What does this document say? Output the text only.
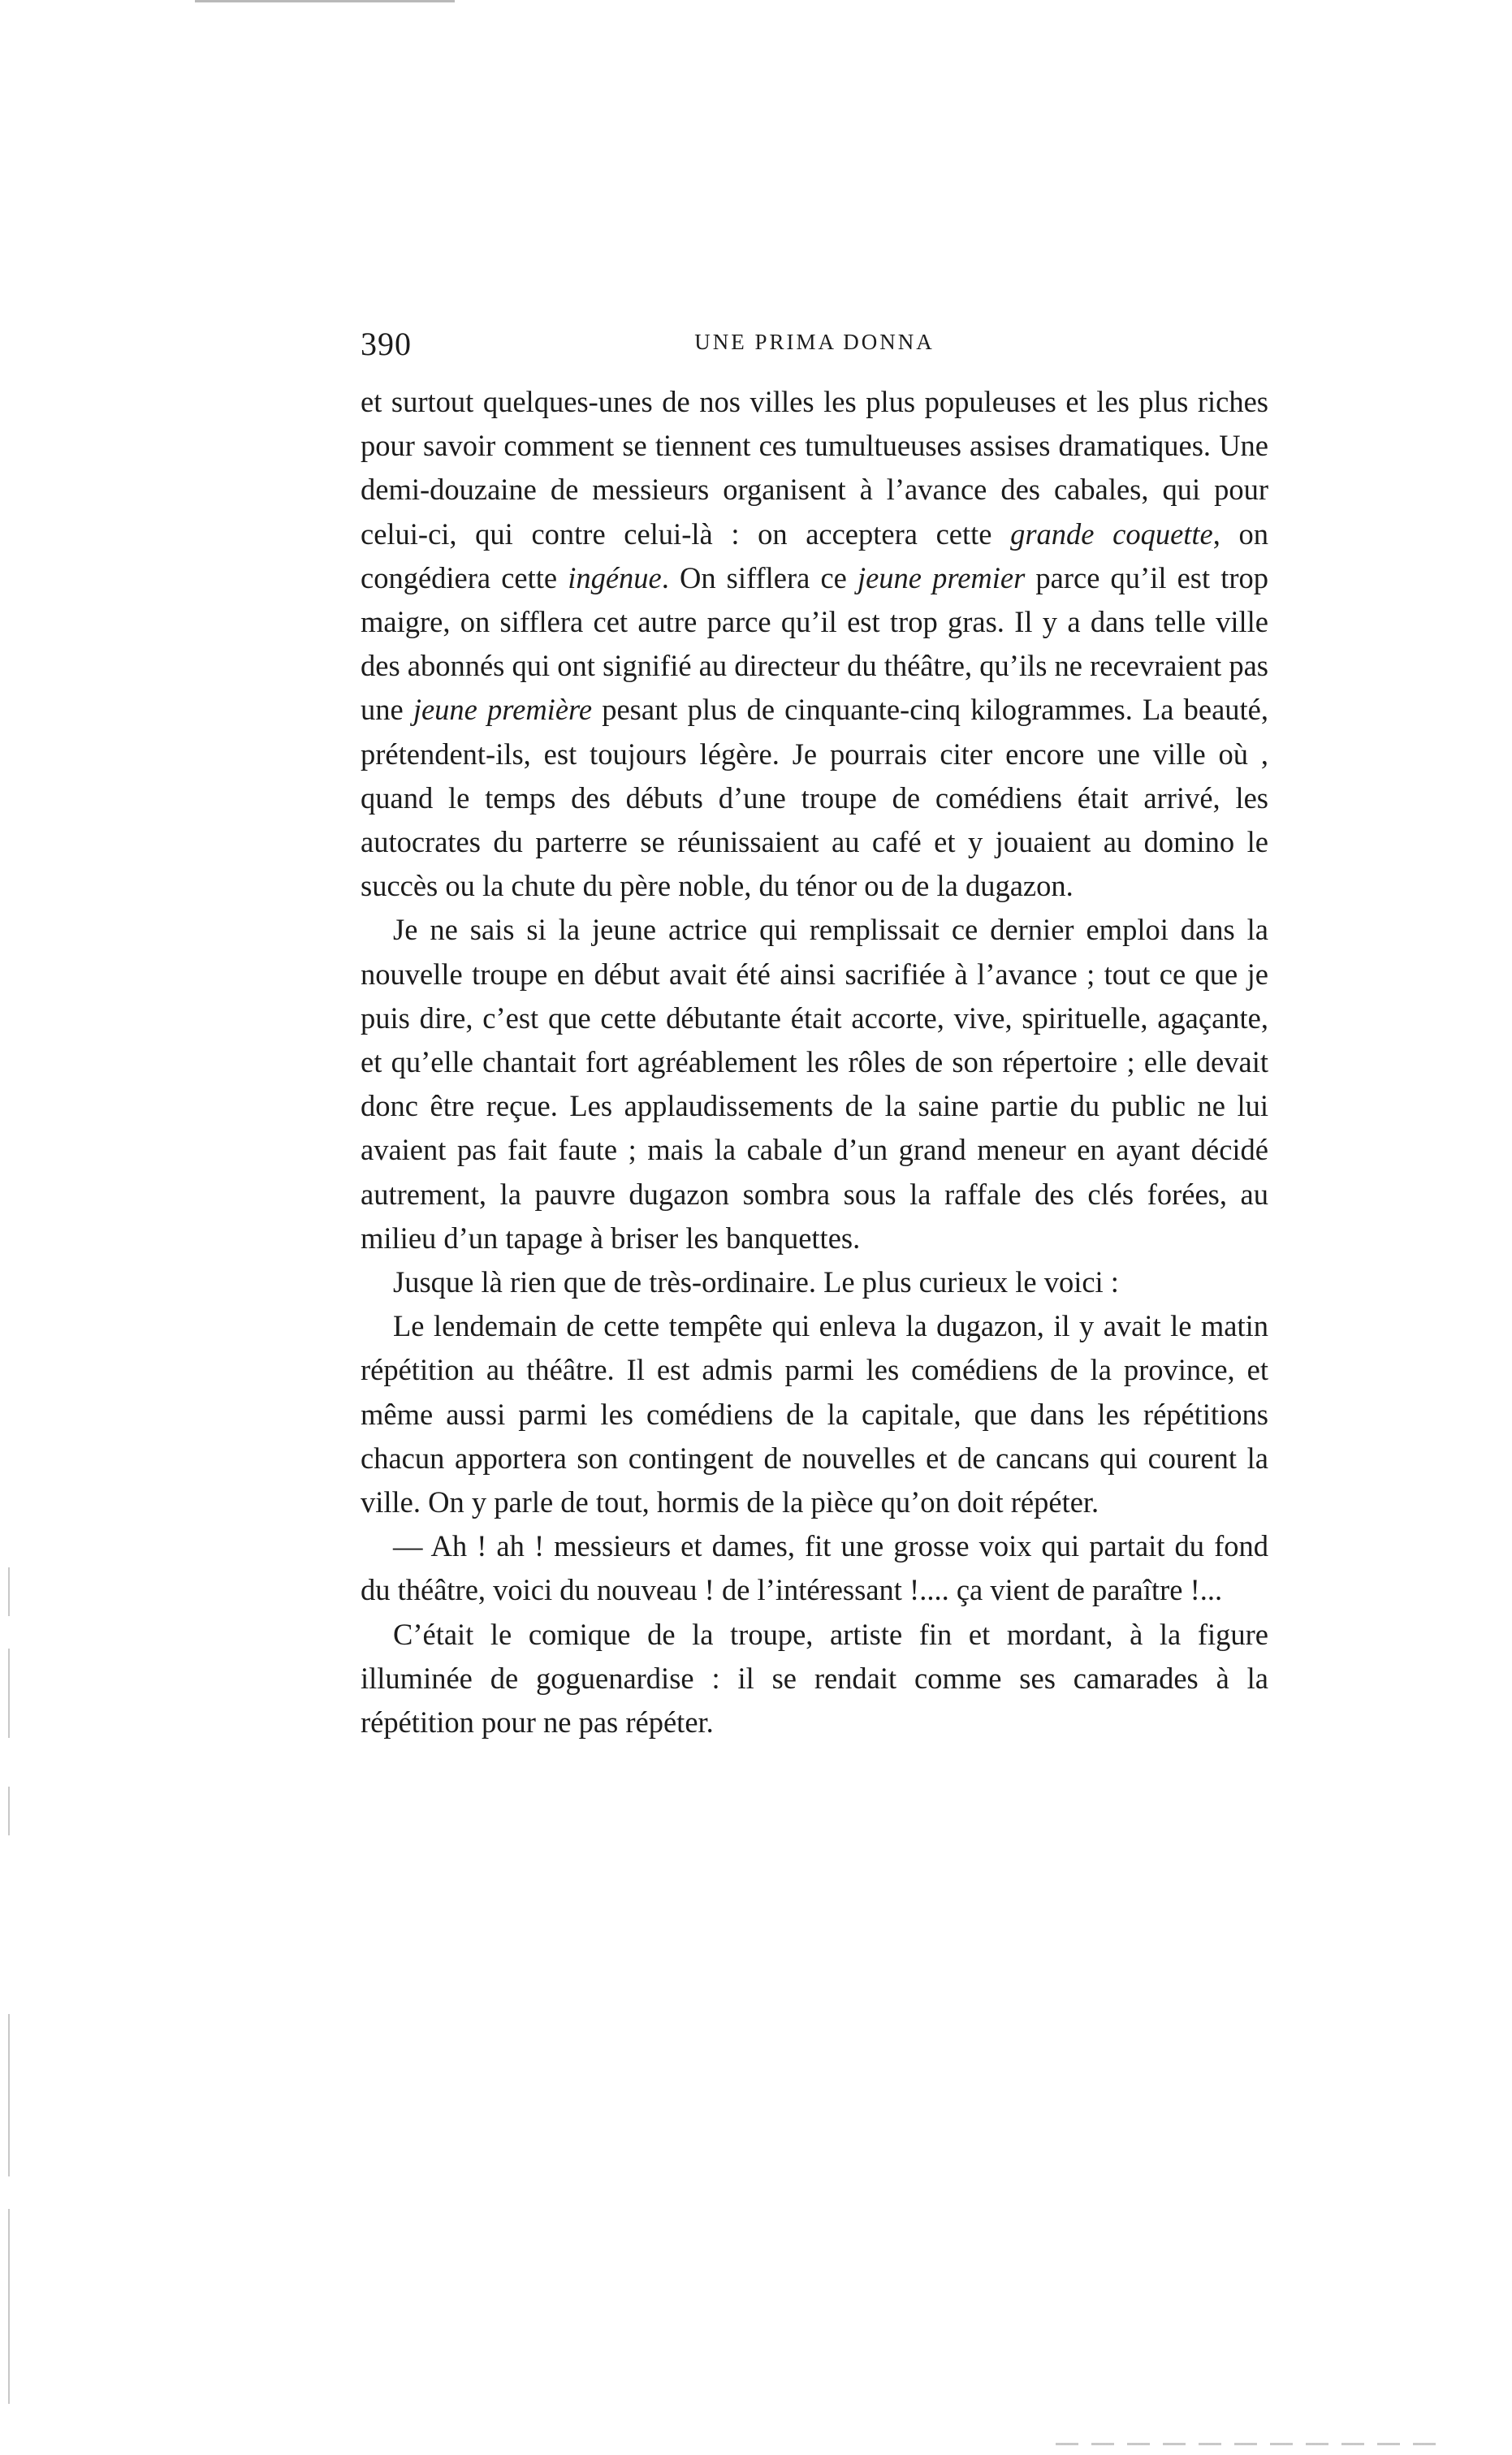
390	UNE PRIMA DONNA

et surtout quelques-unes de nos villes les plus populeuses et les plus riches pour savoir comment se tiennent ces tumultueuses assises dramatiques. Une demi-douzaine de messieurs organisent à l’avance des cabales, qui pour celui-ci, qui contre celui-là : on acceptera cette grande coquette, on congédiera cette ingénue. On sifflera ce jeune premier parce qu’il est trop maigre, on sifflera cet autre parce qu’il est trop gras. Il y a dans telle ville des abonnés qui ont signifié au directeur du théâtre, qu’ils ne recevraient pas une jeune première pesant plus de cinquante-cinq kilogrammes. La beauté, prétendent-ils, est toujours légère. Je pourrais citer encore une ville où , quand le temps des débuts d’une troupe de comédiens était arrivé, les autocrates du parterre se réunissaient au café et y jouaient au domino le succès ou la chute du père noble, du ténor ou de la dugazon.

Je ne sais si la jeune actrice qui remplissait ce dernier emploi dans la nouvelle troupe en début avait été ainsi sacrifiée à l’avance ; tout ce que je puis dire, c’est que cette débutante était accorte, vive, spirituelle, agaçante, et qu’elle chantait fort agréablement les rôles de son répertoire ; elle devait donc être reçue. Les applaudissements de la saine partie du public ne lui avaient pas fait faute ; mais la cabale d’un grand meneur en ayant décidé autrement, la pauvre dugazon sombra sous la raffale des clés forées, au milieu d’un tapage à briser les banquettes.

Jusque là rien que de très-ordinaire. Le plus curieux le voici :

Le lendemain de cette tempête qui enleva la dugazon, il y avait le matin répétition au théâtre. Il est admis parmi les comédiens de la province, et même aussi parmi les comédiens de la capitale, que dans les répétitions chacun apportera son contingent de nouvelles et de cancans qui courent la ville. On y parle de tout, hormis de la pièce qu’on doit répéter.

— Ah ! ah ! messieurs et dames, fit une grosse voix qui partait du fond du théâtre, voici du nouveau ! de l’intéressant !.... ça vient de paraître !...

C’était le comique de la troupe, artiste fin et mordant, à la figure illuminée de goguenardise : il se rendait comme ses camarades à la répétition pour ne pas répéter.
